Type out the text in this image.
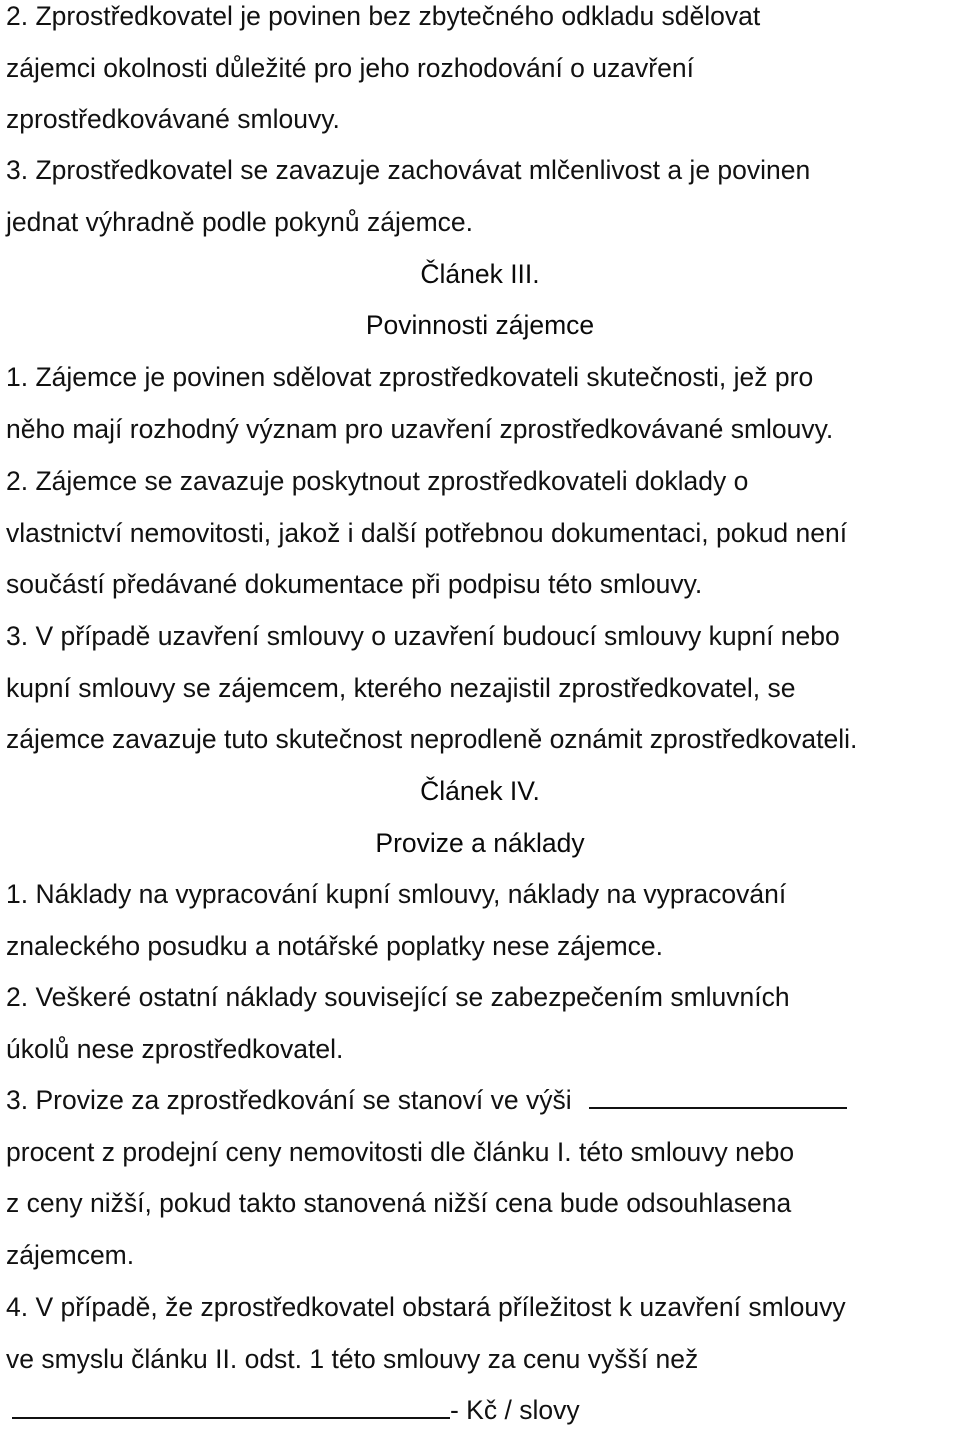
2. Zprostředkovatel je povinen bez zbytečného odkladu sdělovat
zájemci okolnosti důležité pro jeho rozhodování o uzavření
zprostředkovávané smlouvy.
3. Zprostředkovatel se zavazuje zachovávat mlčenlivost a je povinen
jednat výhradně podle pokynů zájemce.
Článek III.
Povinnosti zájemce
1. Zájemce je povinen sdělovat zprostředkovateli skutečnosti, jež pro
něho mají rozhodný význam pro uzavření zprostředkovávané smlouvy.
2. Zájemce se zavazuje poskytnout zprostředkovateli doklady o
vlastnictví nemovitosti, jakož i další potřebnou dokumentaci, pokud není
součástí předávané dokumentace při podpisu této smlouvy.
3. V případě uzavření smlouvy o uzavření budoucí smlouvy kupní nebo
kupní smlouvy se zájemcem, kterého nezajistil zprostředkovatel, se
zájemce zavazuje tuto skutečnost neprodleně oznámit zprostředkovateli.
Článek IV.
Provize a náklady
1. Náklady na vypracování kupní smlouvy, náklady na vypracování
znaleckého posudku a notářské poplatky nese zájemce.
2. Veškeré ostatní náklady související se zabezpečením smluvních
úkolů nese zprostředkovatel.
3. Provize za zprostředkování se stanoví ve výši
procent z prodejní ceny nemovitosti dle článku I. této smlouvy nebo
z ceny nižší, pokud takto stanovená nižší cena bude odsouhlasena
zájemcem.
4. V případě, že zprostředkovatel obstará příležitost k uzavření smlouvy
ve smyslu článku II. odst. 1 této smlouvy za cenu vyšší než
- Kč / slovy
